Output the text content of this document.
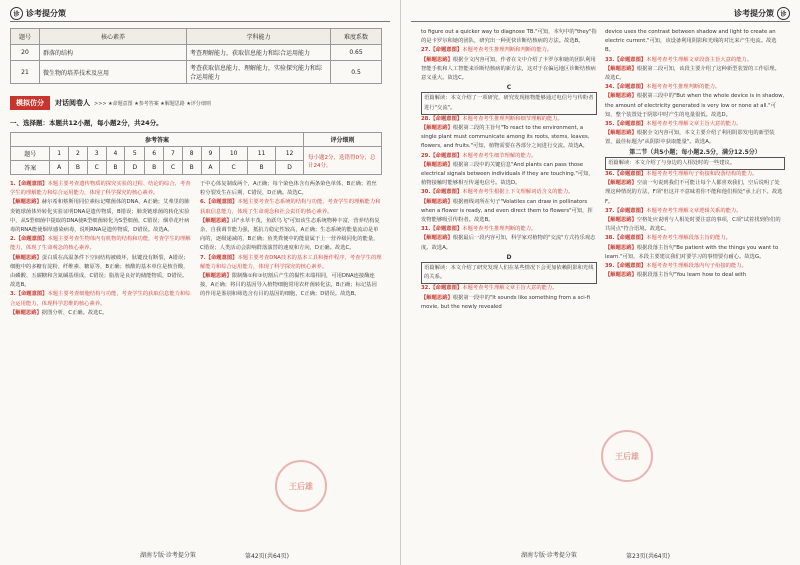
诊 诊考提分策
题号	核心素养	学科能力	难度系数
20	群落的结构	考查理解能力，获取信息能力和综合运用能力	0.65
21	微生物的培养技术及应用	考查获取信息能力、理解能力，实验探究能力和综合运用能力	0.5
模拟仿分	对话阅卷人 >>> ★命题意图 ★参考答案 ★解题思路 ★评分细则
一、选择题：本题共12小题，每小题2分，共24分。
参考答案													评分细则
题号	1	2	3	4	5	6	7	8	9	10	11	12	每小题2分，选错得0分，总计24分。
答案	A	B	C	B	D	B	C	B	A	C	B	D	

1.【命题意图】本题主要考查遗传物质的探究实验的过程、结论的综合，考查学生的理解能力和综合运用能力，体现了科学探究的核心素养。

【解题思路】赫尔希和蔡斯用同位素标记噬菌体的DNA，A正确；艾弗里的肺炎链球菌体外转化实验证明DNA是遗传物质，B错误；肺炎链球菌的转化实验中，从S型细菌中提取的DNA使R型细菌转化为S型细菌，C错误；烟草花叶病毒的RNA能使烟草感染病毒，说明RNA是遗传物质，D错误。故选A。

2.【命题意图】本题主要考查生物体内有机物的结构和功能，考查学生的理解能力，体现了生命观念的核心素养。

【解题思路】蛋白质在高温条件下空间结构被破坏，肽键没有断裂，A错误；细胞中的多糖有淀粉、纤维素、糖原等，B正确；核酸的基本单位是核苷酸，由磷酸、五碳糖和含氮碱基组成，C错误；脂肪是良好的储能物质，D错误。故选B。

3.【命题意图】本题主要考查细胞结构与功能，考查学生的获取信息能力和综合运用能力，体现科学思维的核心素养。

【解题思路】据图分析，C正确。故选C。

于中心体复制成两个，A正确；每个染色体含有两条染色单体，B正确；着丝粒分裂发生在后期，C错误，D正确。故选C。

6.【命题意图】本题主要考查生态系统的结构与功能，考查学生的理解能力和获取信息能力，体现了生命观念和社会责任的核心素养。

【解题思路】由"水草丰茂，鱼跃鸟飞"可知该生态系统物种丰富，营养结构复杂，自我调节能力强，抵抗力稳定性较高，A正确；生态系统的能量流动是单向的，逐级递减的，B正确；鱼类粪便中的能量属于上一营养级同化的能量，C错误；人类活动会影响群落演替的速度和方向，D正确。故选C。

7.【命题意图】本题主要考查DNA技术的基本工具和操作程序，考查学生的理解能力和综合运用能力，体现了科学探究的核心素养。

【解题思路】限制酶①和③切割后产生的黏性末端相同，可用DNA连接酶连接，A正确；将目的基因导入植物细胞常用农杆菌转化法，B正确；标记基因的作用是鉴别和筛选含有目的基因的细胞，C正确；D错误。故选B。

王后雄
湖南专版·诊考提分策	第42页(共64页)
诊考提分策	诊

to figure out a quicker way to diagnose TB."可知，本句中的"they"指的是卡罗尔和她的团队，研究出一种更快诊断结核病的方法。故选B。

27.【命题意图】本题考查考生推理判断和判断的能力。

【解题思路】根据全文内容可知，作者在文中介绍了卡罗尔和她的团队利用智能手机和人工智能来诊断结核病的新方法，这对于在偏远地区诊断结核病意义重大。故选C。

C

语篇解读：本文介绍了一项研究，研究发现植物能够通过电信号与传粉者进行"交流"。

28.【命题意图】本题考查考生推理判断和细节理解的能力。

【解题思路】根据第二段的主旨句"To react to the environment, a single plant must communicate among its roots, stems, leaves, flowers, and fruits."可知，植物需要在各部分之间进行交流。故选A。

29.【命题意图】本题考查考生细节理解的能力。

【解题思路】根据第三段中的关键信息"And plants can pass those electrical signals between individuals if they are touching."可知，植物接触时能够相互传递电信号。故选D。

30.【命题意图】本题考查考生根据上下文理解词语含义的能力。

【解题思路】根据画线词所在句子"Volatiles can draw in pollinators when a flower is ready, and even direct them to flowers"可知，挥发物能够吸引传粉者。故选B。

31.【命题意图】本题考查考生推理判断的能力。

【解题思路】根据最后一段内容可知，科学家对植物的"交流"方式持乐观态度。故选A。

D

语篇解读：本文介绍了研究发现人们在某些情况下会更加依赖阴影和光线的关系。

32.【命题意图】本题考查考生理解文章主旨大意的能力。

【解题思路】根据第一段中的"It sounds like something from a sci-fi movie, but the newly revealed

device uses the contrast between shadow and light to create an electric current."可知，该设备利用阴影和光线的对比来产生电流。故选B。

33.【命题意图】本题考查考生理解文章段落主旨大意的能力。

【解题思路】根据第二段可知，该段主要介绍了这种新型装置的工作原理。故选C。

34.【命题意图】本题考查考生推理判断的能力。

【解题思路】根据第三段中的"But when the whole device is in shadow, the amount of electricity generated is very low or none at all."可知，整个装置处于阴影中时产生的电量很低。故选D。

35.【命题意图】本题考查考生理解文章主旨大意的能力。

【解题思路】根据全文内容可知，本文主要介绍了利用阴影发电的新型装置，最佳标题为"从阴影中获取能量"。故选A。

第二节（共5小题；每小题2.5分，满分12.5分）

语篇解读：本文介绍了与身边的人相处时的一些建议。

36.【命题意图】本题考查考生理解句子衔接和段落结构的能力。

【解题思路】空前一句说到我们不可能让每个人都喜欢我们，空后说明了处理这种情况的方法，F项"但这并不意味着你不能和他们相处"承上启下。故选F。

37.【命题意图】本题考查考生理解文章逻辑关系的能力。

【解题思路】空格处应说明与人相处时要注意的事项，C项"试着找到你们的共同点"符合语境。故选C。

38.【命题意图】本题考查考生理解段落主旨的能力。

【解题思路】根据段落主旨句"Be patient with the things you want to learn."可知，本段主要建议我们对要学习的事情要有耐心。故选G。

39.【命题意图】本题考查考生理解段落内句子衔接的能力。

【解题思路】根据段落主旨句"You learn how to deal with

王后雄
湖南专版·诊考提分策	第23页(共64页)
